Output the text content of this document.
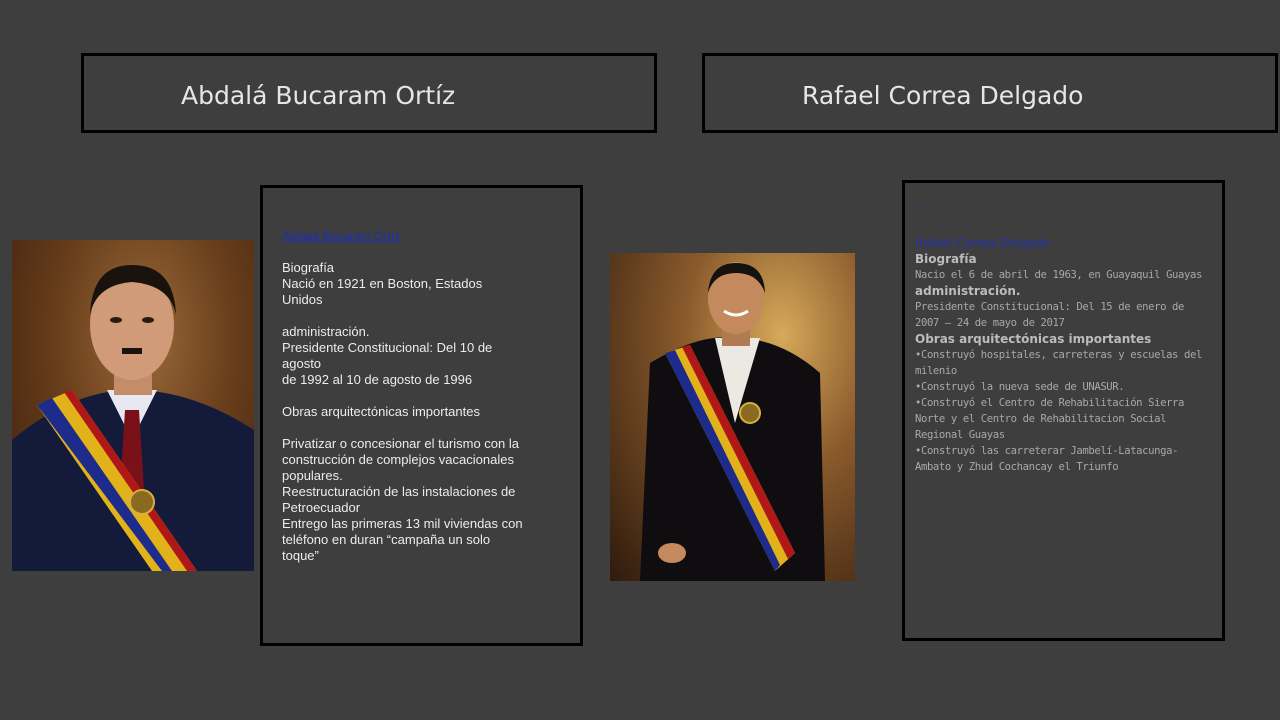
Abdalá Bucaram Ortíz	Rafael Correa Delgado

Abdalá Bucaram Ortíz

Biografía

Nació en 1921 en Boston, Estados

Unidos

administración.

Presidente Constitucional: Del 10 de

agosto

de 1992 al 10 de agosto de 1996

Obras arquitectónicas importantes

Privatizar o concesionar el turismo con la

construcción de complejos vacacionales

populares.

Reestructuración de las instalaciones de

Petroecuador

Entrego las primeras 13 mil viviendas con

teléfono en duran “campaña un solo

toque”

-

Rafael Correa Delgado

Biografía

Nacio el 6 de abril de 1963, en Guayaquil Guayas

administración.

Presidente Constitucional: Del 15 de enero de

2007 – 24 de mayo de 2017

Obras arquitectónicas importantes

•Construyó hospitales, carreteras y escuelas del

milenio

•Construyó la nueva sede de UNASUR.

•Construyó el Centro de Rehabilitación Sierra

Norte y el Centro de Rehabilitacion Social

Regional Guayas

•Construyó las carreterar Jambelí-Latacunga-

Ambato y Zhud Cochancay el Triunfo
